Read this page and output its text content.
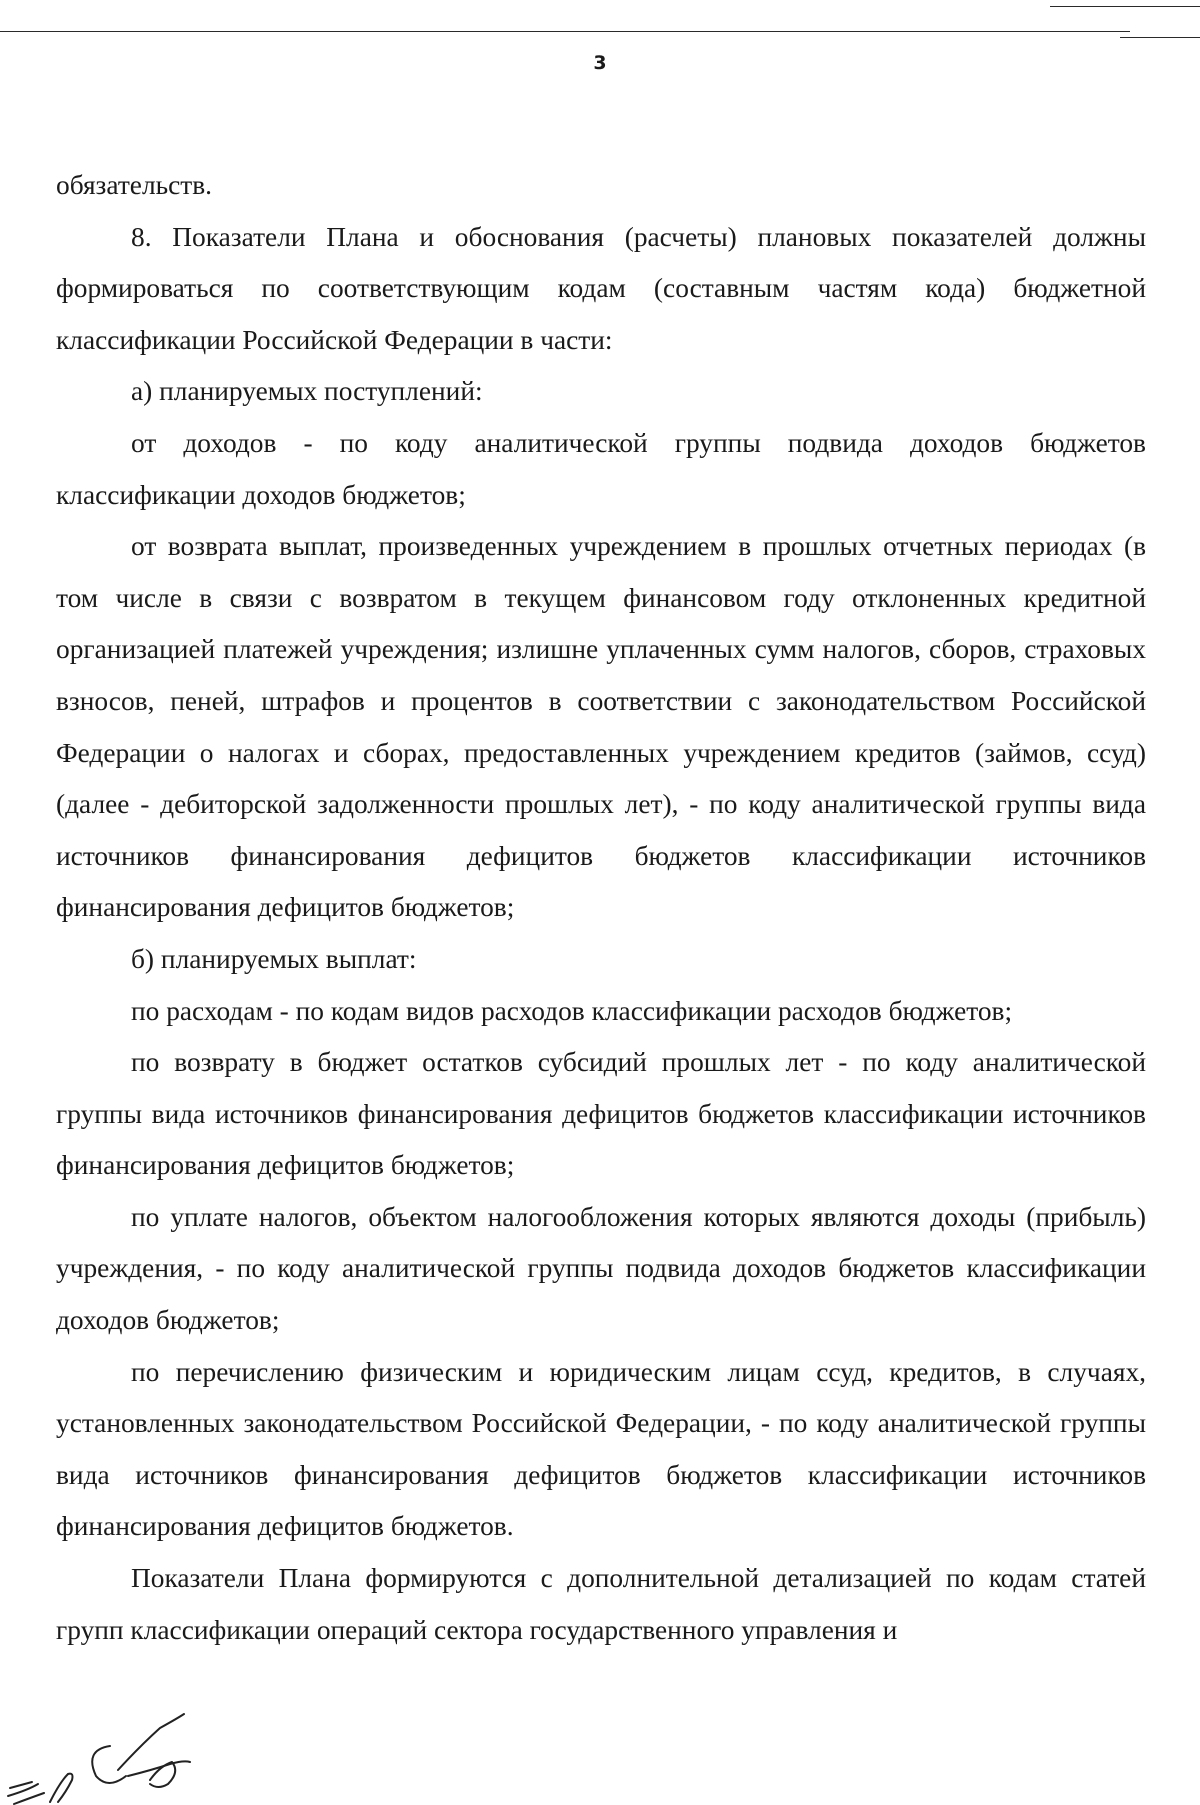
3

обязательств.

8. Показатели Плана и обоснования (расчеты) плановых показателей должны формироваться по соответствующим кодам (составным частям кода) бюджетной классификации Российской Федерации в части:

а) планируемых поступлений:

от доходов - по коду аналитической группы подвида доходов бюджетов классификации доходов бюджетов;

от возврата выплат, произведенных учреждением в прошлых отчетных периодах (в том числе в связи с возвратом в текущем финансовом году отклоненных кредитной организацией платежей учреждения; излишне уплаченных сумм налогов, сборов, страховых взносов, пеней, штрафов и процентов в соответствии с законодательством Российской Федерации о налогах и сборах, предоставленных учреждением кредитов (займов, ссуд) (далее - дебиторской задолженности прошлых лет), - по коду аналитической группы вида источников финансирования дефицитов бюджетов классификации источников финансирования дефицитов бюджетов;

б) планируемых выплат:

по расходам - по кодам видов расходов классификации расходов бюджетов;

по возврату в бюджет остатков субсидий прошлых лет - по коду аналитической группы вида источников финансирования дефицитов бюджетов классификации источников финансирования дефицитов бюджетов;

по уплате налогов, объектом налогообложения которых являются доходы (прибыль) учреждения, - по коду аналитической группы подвида доходов бюджетов классификации доходов бюджетов;

по перечислению физическим и юридическим лицам ссуд, кредитов, в случаях, установленных законодательством Российской Федерации, - по коду аналитической группы вида источников финансирования дефицитов бюджетов классификации источников финансирования дефицитов бюджетов.

Показатели Плана формируются с дополнительной детализацией по кодам статей групп классификации операций сектора государственного управления и
